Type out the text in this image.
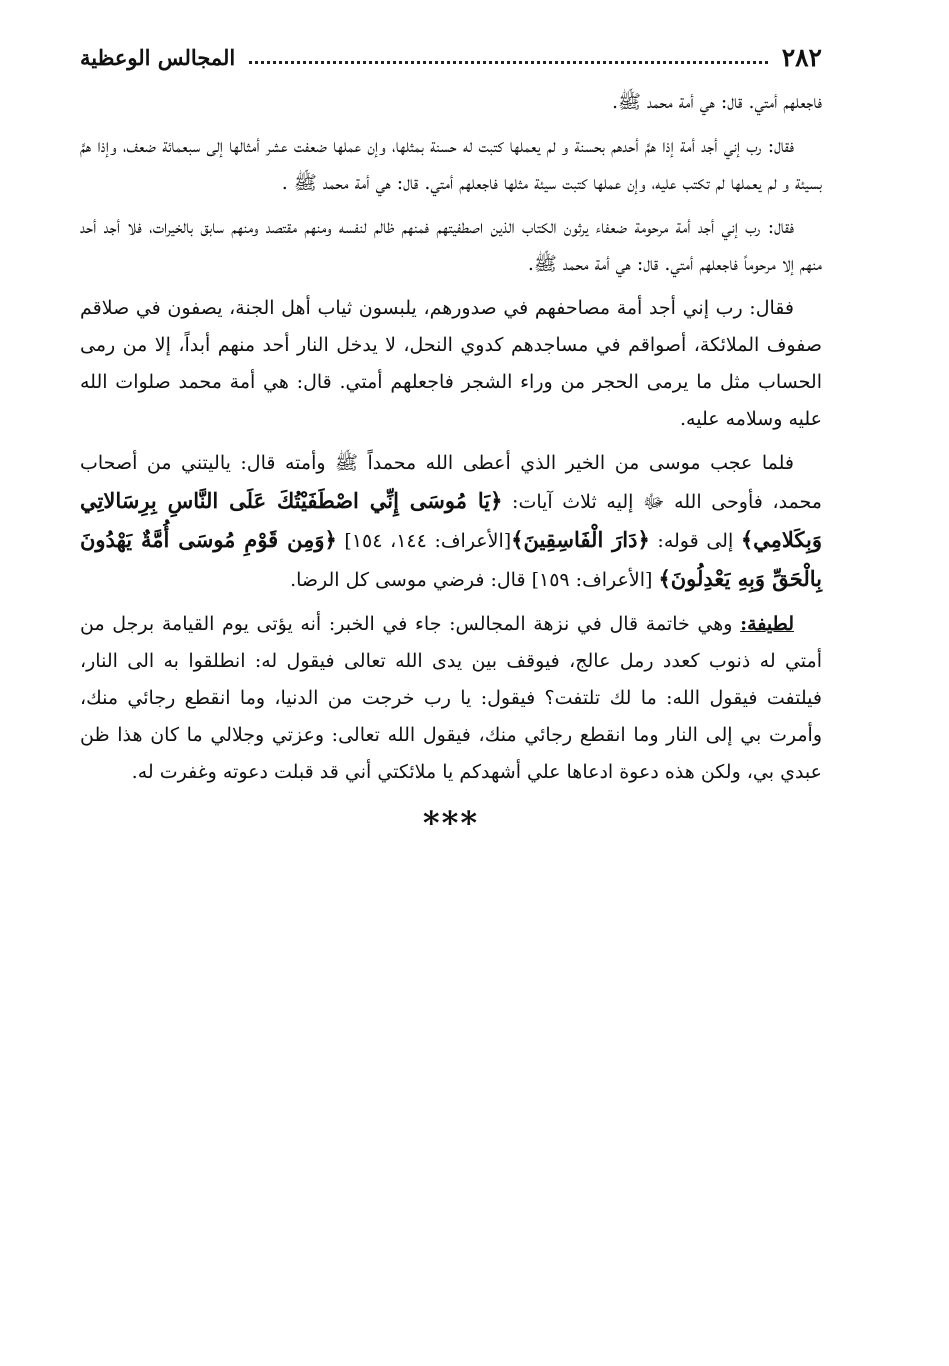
٢٨٢
المجالس الوعظية

فاجعلهم أمتي. قال: هي أمة محمد ﷺ.

فقال: رب إني أجد أمة إذا همَّ أحدهم بحسنة و لم يعملها كتبت له حسنة بمثلها، وإن عملها ضعفت عشر أمثالها إلى سبعمائة ضعف، وإذا همَّ بسيئة و لم يعملها لم تكتب عليه، وإن عملها كتبت سيئة مثلها فاجعلهم أمتي. قال: هي أمة محمد ﷺ .

فقال: رب إني أجد أمة مرحومة ضعفاء يرثون الكتاب الذين اصطفيتهم فمنهم ظالم لنفسه ومنهم مقتصد ومنهم سابق بالخيرات، فلا أجد أحد منهم إلا مرحوماً فاجعلهم أمتي. قال: هي أمة محمد ﷺ.

فقال: رب إني أجد أمة مصاحفهم في صدورهم، يلبسون ثياب أهل الجنة، يصفون في صلاقم صفوف الملائكة، أصواقم في مساجدهم كدوي النحل، لا يدخل النار أحد منهم أبداً، إلا من رمى الحساب مثل ما يرمى الحجر من وراء الشجر فاجعلهم أمتي. قال: هي أمة محمد صلوات الله عليه وسلامه عليه.

فلما عجب موسى من الخير الذي أعطى الله محمداً ﷺ وأمته قال: ياليتني من أصحاب محمد، فأوحى الله ﷻ إليه ثلاث آيات: ﴿يَا مُوسَى إِنِّي اصْطَفَيْتُكَ عَلَى النَّاسِ بِرِسَالاتِي وَبِكَلامِي﴾ إلى قوله: ﴿دَارَ الْفَاسِقِينَ﴾[الأعراف: ١٤٤، ١٥٤] ﴿وَمِن قَوْمِ مُوسَى أُمَّةٌ يَهْدُونَ بِالْحَقِّ وَبِهِ يَعْدِلُونَ﴾ [الأعراف: ١٥٩] قال: فرضي موسى كل الرضا.

لطيفة: وهي خاتمة قال في نزهة المجالس: جاء في الخبر: أنه يؤتى يوم القيامة برجل من أمتي له ذنوب كعدد رمل عالج، فيوقف بين يدى الله تعالى فيقول له: انطلقوا به الى النار، فيلتفت فيقول الله: ما لك تلتفت؟ فيقول: يا رب خرجت من الدنيا، وما انقطع رجائي منك، وأمرت بي إلى النار وما انقطع رجائي منك، فيقول الله تعالى: وعزتي وجلالي ما كان هذا ظن عبدي بي، ولكن هذه دعوة ادعاها علي أشهدكم يا ملائكتي أني قد قبلت دعوته وغفرت له.

***
